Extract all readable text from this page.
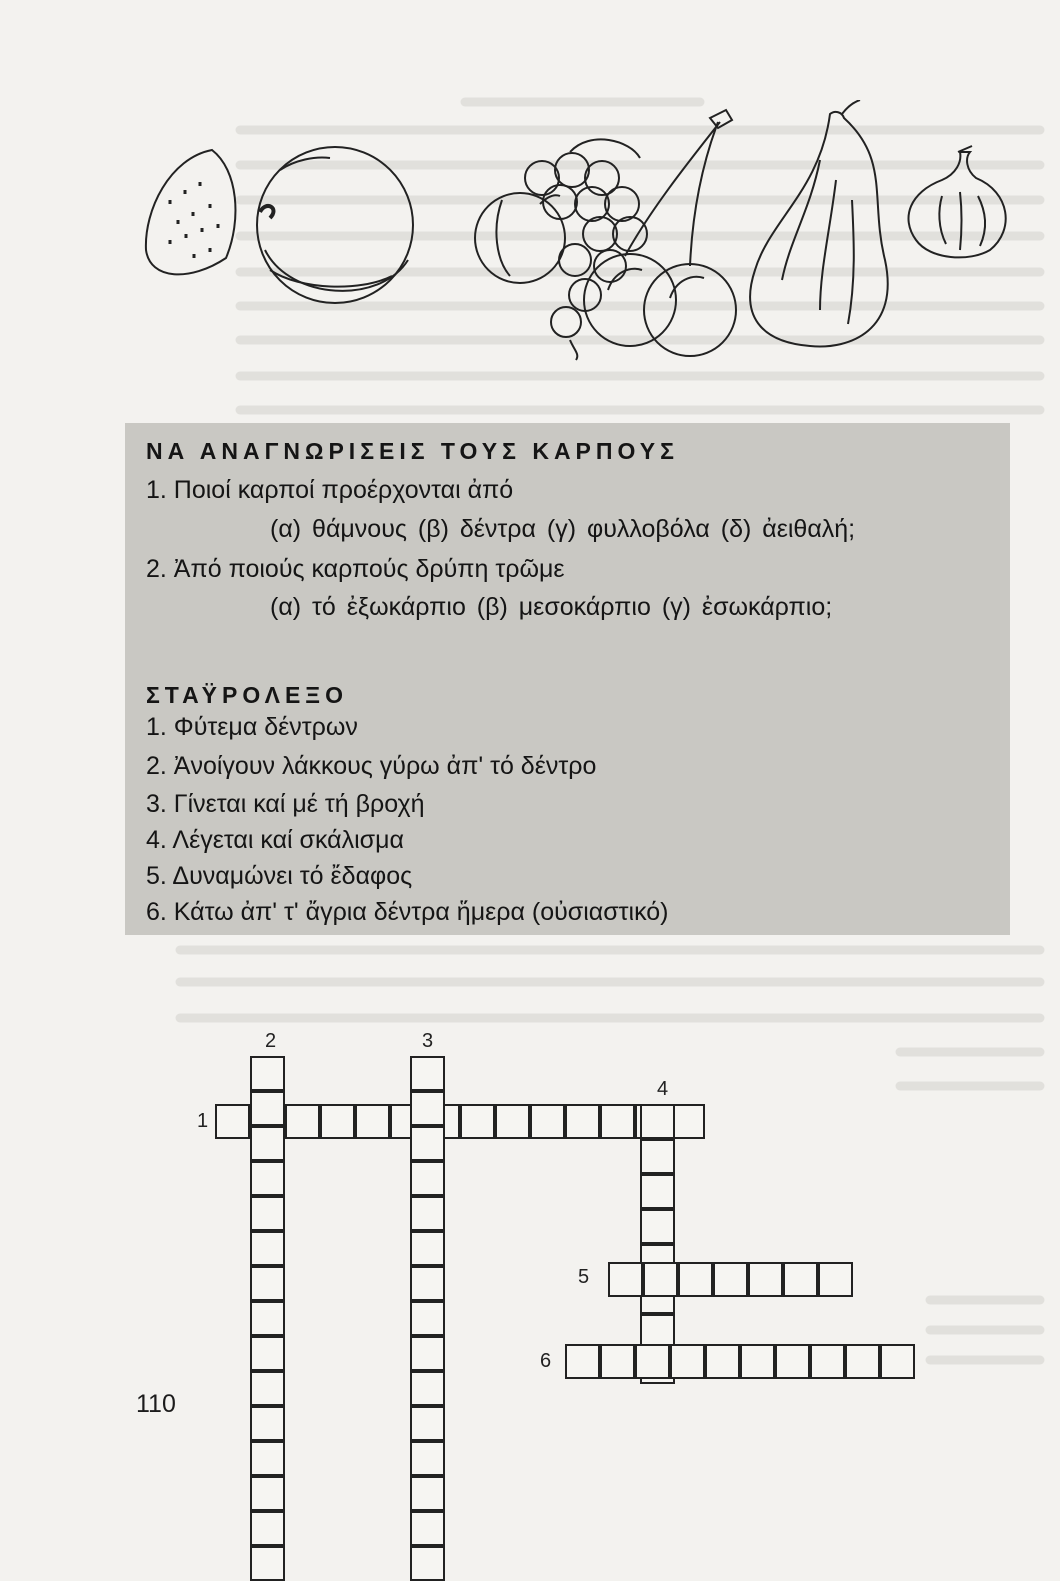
ΝΑ ΑΝΑΓΝΩΡΙΣΕΙΣ ΤΟΥΣ ΚΑΡΠΟΥΣ
1. Ποιοί καρποί προέρχονται ἀπό
(α) θάμνους (β) δέντρα (γ) φυλλοβόλα (δ) ἀειθαλή;
2. Ἀπό ποιούς καρπούς δρύπη τρῶμε
(α) τό ἐξωκάρπιο (β) μεσοκάρπιο (γ) ἐσωκάρπιο;
ΣΤΑΫΡΟΛΕΞΟ
1. Φύτεμα δέντρων
2. Ἀνοίγουν λάκκους γύρω ἀπ' τό δέντρο
3. Γίνεται καί μέ τή βροχή
4. Λέγεται καί σκάλισμα
5. Δυναμώνει τό ἔδαφος
6. Κάτω ἀπ' τ' ἄγρια δέντρα ἥμερα (οὐσιαστικό)
2	3
4
1
5
6
110
